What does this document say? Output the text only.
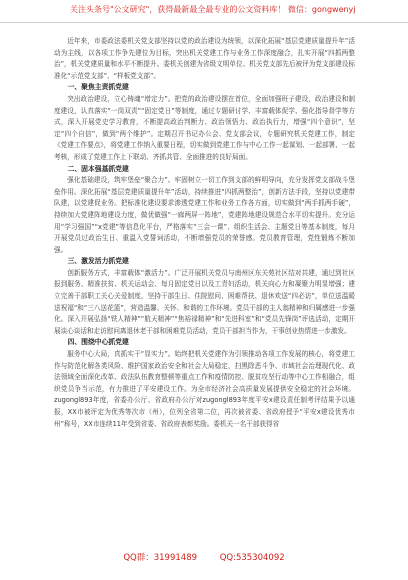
关注头条号"公文研究"，获得最新最全最专业的公文资料库！ 微信：gongwenyj

近年来，市委政法委机关党支部坚持以党的政治建设为统领，以深化拓展“基层党建质量提升年”活动为主线，以各项工作争先建位为目标，突出机关党建工作与业务工作深度融合，扎实开展“四抓两整治”，机关党建质量和水平不断提升。委机关创建为省级文明单位、机关党支部先后被评为党支部建设标准化“示范党支部”、“样板党支部”。

一、聚焦主责抓党建

突出政治建设，立心铸魂“增定力”。把党的政治建设摆在首位，全面加强班子建设，政治建设和制度建设，认真落实“一岗双责”“固定党日”等制度，通过专题研讨学、丰富载体促学、强化指导督学等方式，深入开展党史学习教育，不断提高政治判断力、政治领悟力、政治执行力，增强“四个意识”，坚定“四个自信”，做到“两个维护”。定期召开书记办公会、党支部会议，专题研究机关党建工作，制定《党建工作要点》，将党建工作纳入重要日程，切实做到党建工作与中心工作一起谋划、一起部署、一起考核，形成了党建工作上下联动、齐抓共管、全面推进的良好局面。

二、固本强基抓党建

强化基础建设，筑牢堡垒“聚合力”。牢固树立一切工作到支部的鲜明导向，充分发挥党支部战斗堡垒作用。深化拓展“基层党建质量提升年”活动，持续推进“四抓两整治”，创新方法手段，坚持以党建带队建，以党建促业务。把标准化建设要求渗透党建工作和业务工作各方面，切实做到“两手抓两手硬”，持续加大党建阵地建设力度，做优做强“一廊两屏一阵地”，党建阵地建设规范合水平切实提升。充分运用“学习强国”“x党建”等信息化平台，严格落实“三会一课”、组织生活会、主题党日等基本制度，每月开展党员过政治生日、重温入党誓词活动，不断增强党员的荣誉感。党员教育管理，党性锻炼不断加强。

三、激发活力抓党建

创新服务方式，丰富载体“激活力”。广泛开展机关党员与南州区东关苑社区结对共建，通过到社区报到服务、精准扶贫、机关运动会、每月固定党日以及工青妇活动，机关向心力和凝聚力明显增强；建立完善干部职工关心关爱制度，坚持干部生日、住院慰问、困难帮扶、退休欢送“四必访”，单位送温暖送祝福“和“三八送花篮”，营造温馨、关怀、和谐的工作环境。党员干部的主人翁精神和归属感进一步强化。深入开展弘扬“铁人精神”“航天精神”“焦裕禄精神”和“先进科室”和“党员先锋岗”评选活动，定期开展谈心谈话和走访慰问离退休老干部和困难党员活动，党员干部担当作为，干事创业热情进一步激发。

四、围绕中心抓党建

服务中心大局，真抓实干“显实力”。始终把机关党建作为引领推动各项工作发展的核心，将党建工作与防范化解各类风险、维护国家政治安全和社会大局稳定，扫黑除恶斗争、市域社会治理现代化、政法领域全面深化改革、政法队伍教育整顿等重点工作和疫情防控、脱贫攻坚行动等中心工作相融合，组织党员争当示范，有力推进了平安建设工作。为全市经济社会高质量发展提供安全稳定的社会环境。zugongl893年度，省委办公厅、省政府办公厅对zugongl893年度平安x建设责任制考评结果予以通报，XX市被评定为优秀等次市（州），位列全省第二位，再次被省委、省政府授予“平安x建设优秀市州”称号，XX市连续11年受到省委、省政府表彰奖励。委机关一名干部获得省

QQ群：31991489	QQ:535304092
